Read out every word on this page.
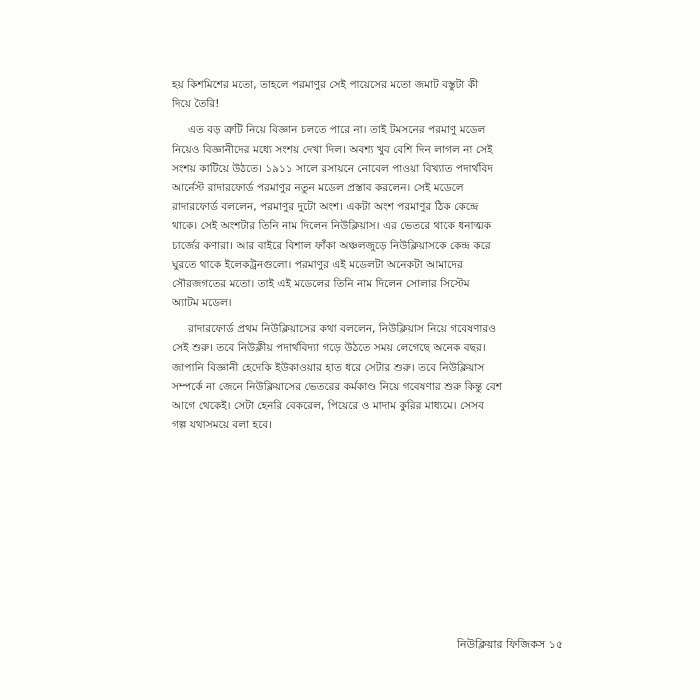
হয় কিশমিশের মতো, তাহলে পরমাণুর সেই পায়েসের মতো জমাট বস্তুটা কী
দিয়ে তৈরি!
এত বড় ত্রুটি নিয়ে বিজ্ঞান চলতে পারে না। তাই টমসনের পরমাণু মডেল
নিয়েও বিজ্ঞানীদের মধ্যে সংশয় দেখা দিল। অবশ্য খুব বেশি দিন লাগল না সেই
সংশয় কাটিয়ে উঠতে। ১৯১১ সালে রসায়নে নোবেল পাওয়া বিখ্যাত পদার্থবিদ
আর্নেস্ট রাদারফোর্ড পরমাণুর নতুন মডেল প্রস্তাব করলেন। সেই মডেলে
রাদারফোর্ড বললেন, পরমাণুর দুটো অংশ। একটা অংশ পরমাণুর ঠিক কেন্দ্রে
থাকে। সেই অংশটার তিনি নাম দিলেন নিউক্লিয়াস। এর ভেতরে থাকে ধনাত্মক
চার্জের কণারা। আর বাইরে বিশাল ফাঁকা অঞ্চলজুড়ে নিউক্লিয়াসকে কেন্দ্র করে
ঘুরতে থাকে ইলেকট্রনগুলো। পরমাণুর এই মডেলটা অনেকটা আমাদের
সৌরজগতের মতো। তাই এই মডেলের তিনি নাম দিলেন সোলার সিস্টেম
অ্যাটম মডেল।
রাদারফোর্ড প্রথম নিউক্লিয়াসের কথা বললেন, নিউক্লিয়াস নিয়ে গবেষণারও
সেই শুরু। তবে নিউক্লীয় পদার্থবিদ্যা গড়ে উঠতে সময় লেগেছে অনেক বছর।
জাপানি বিজ্ঞানী হেদেকি ইউকাওয়ার হাত ধরে সেটার শুরু। তবে নিউক্লিয়াস
সম্পর্কে না জেনে নিউক্লিয়াসের ভেতরের কর্মকাণ্ড নিয়ে গবেষণার শুরু কিন্তু বেশ
আগে থেকেই। সেটা হেনরি বেকরেল, পিয়েরে ও মাদাম কুরির মাধ্যমে। সেসব
গল্প যথাসময়ে বলা হবে।
নিউক্লিয়ার ফিজিকস ১৫
